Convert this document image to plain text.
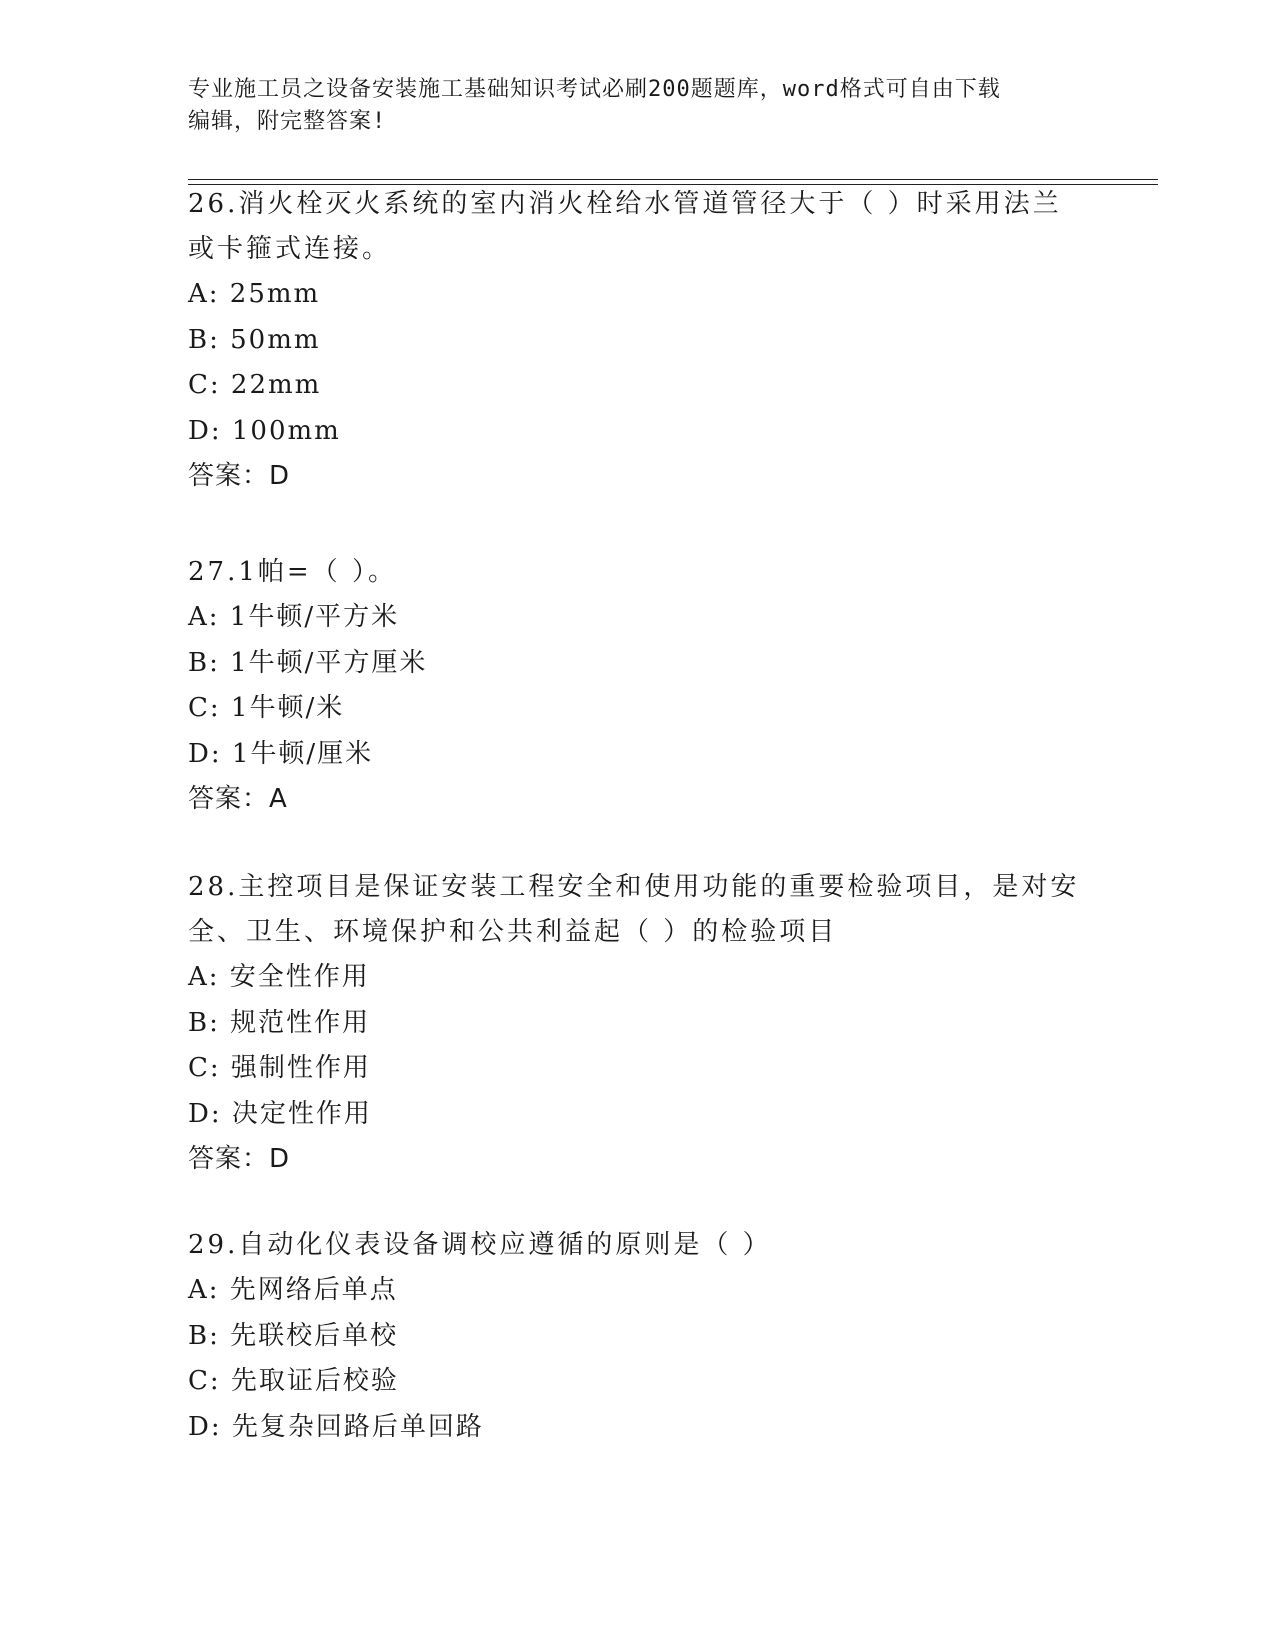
专业施工员之设备安装施工基础知识考试必刷200题题库，word格式可自由下载
编辑，附完整答案!

26.消火栓灭火系统的室内消火栓给水管道管径大于（ ）时采用法兰

或卡箍式连接。

A: 25mm

B: 50mm

C: 22mm

D: 100mm

答案：D

27.1帕=（ ）。

A: 1牛顿/平方米

B: 1牛顿/平方厘米

C: 1牛顿/米

D: 1牛顿/厘米

答案：A

28.主控项目是保证安装工程安全和使用功能的重要检验项目，是对安

全、卫生、环境保护和公共利益起（ ）的检验项目

A: 安全性作用

B: 规范性作用

C: 强制性作用

D: 决定性作用

答案：D

29.自动化仪表设备调校应遵循的原则是（ ）

A: 先网络后单点

B: 先联校后单校

C: 先取证后校验

D: 先复杂回路后单回路
